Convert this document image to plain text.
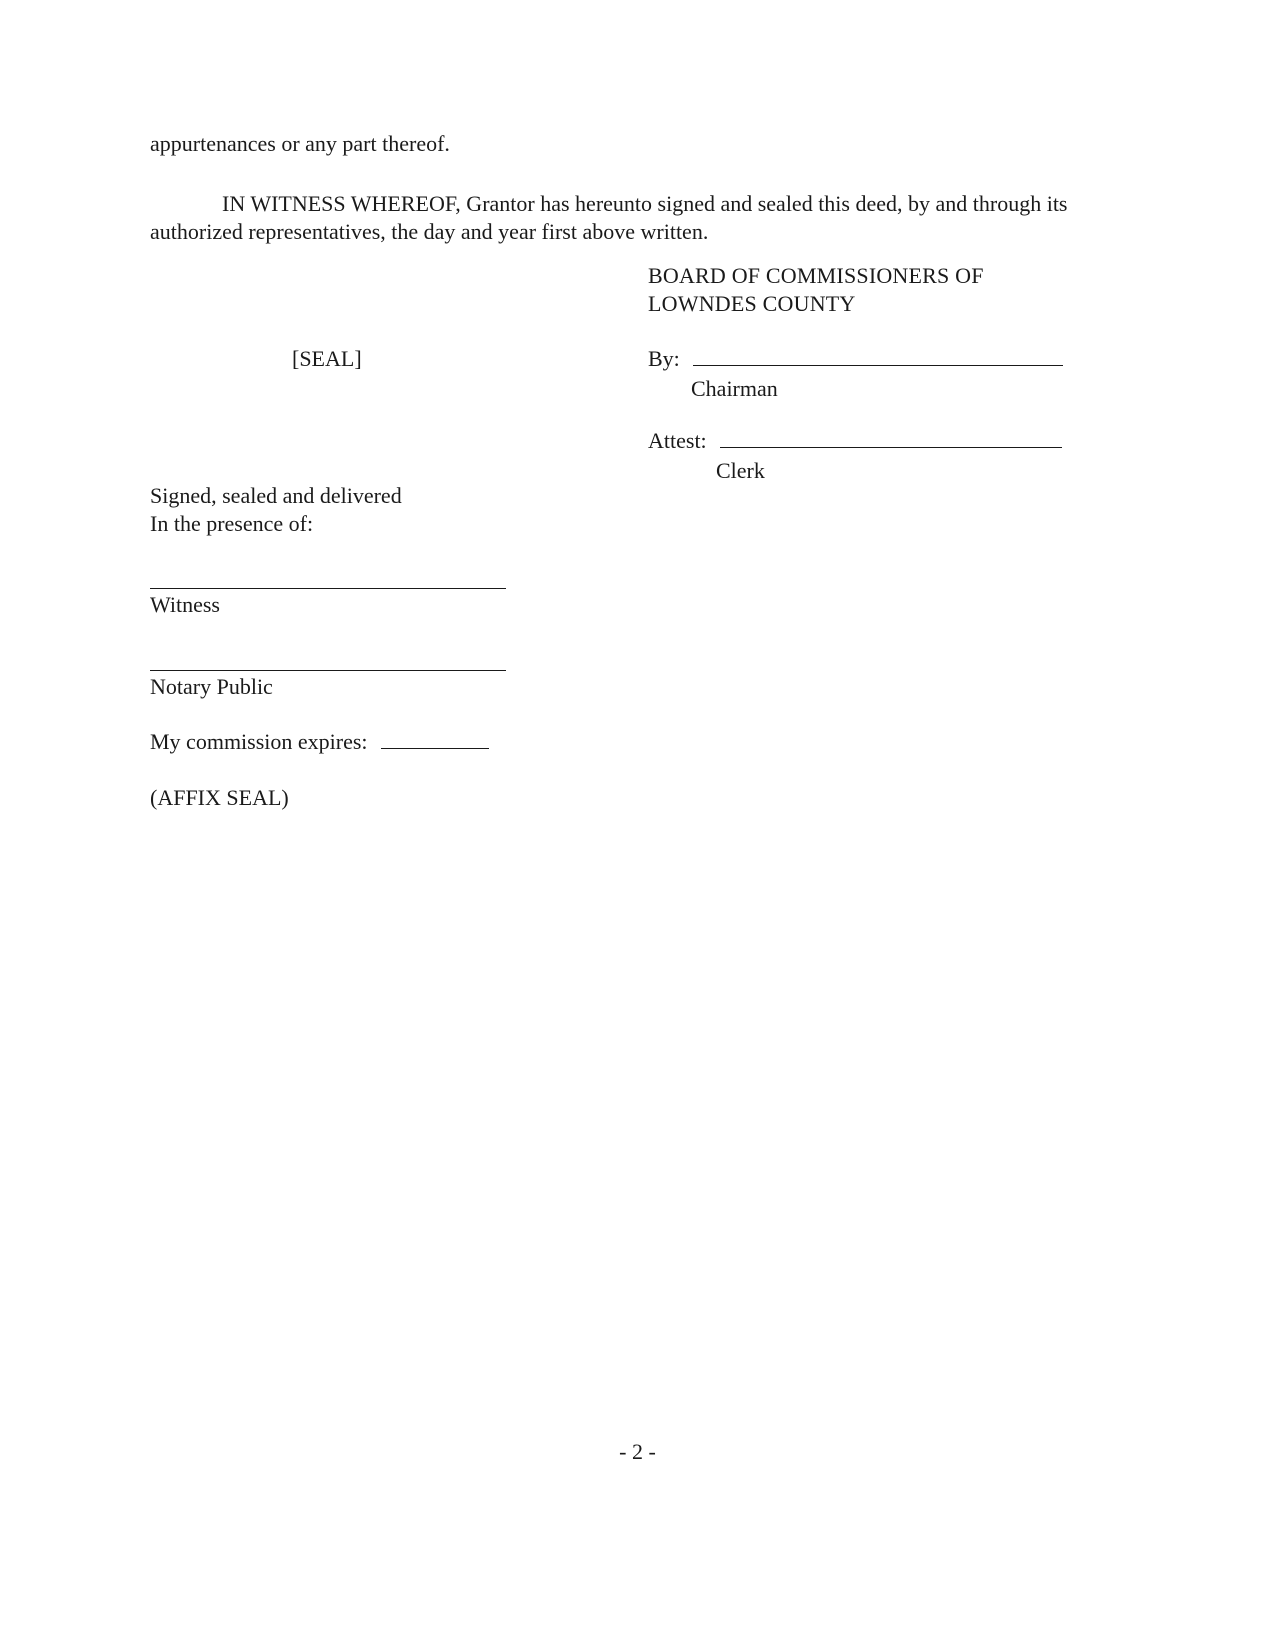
appurtenances or any part thereof.
IN WITNESS WHEREOF, Grantor has hereunto signed and sealed this deed, by and through its authorized representatives, the day and year first above written.
BOARD OF COMMISSIONERS OF
LOWNDES COUNTY
[SEAL]	By:
Chairman
Attest:
Clerk
Signed, sealed and delivered
In the presence of:
Witness
Notary Public
My commission expires:
(AFFIX SEAL)
- 2 -
